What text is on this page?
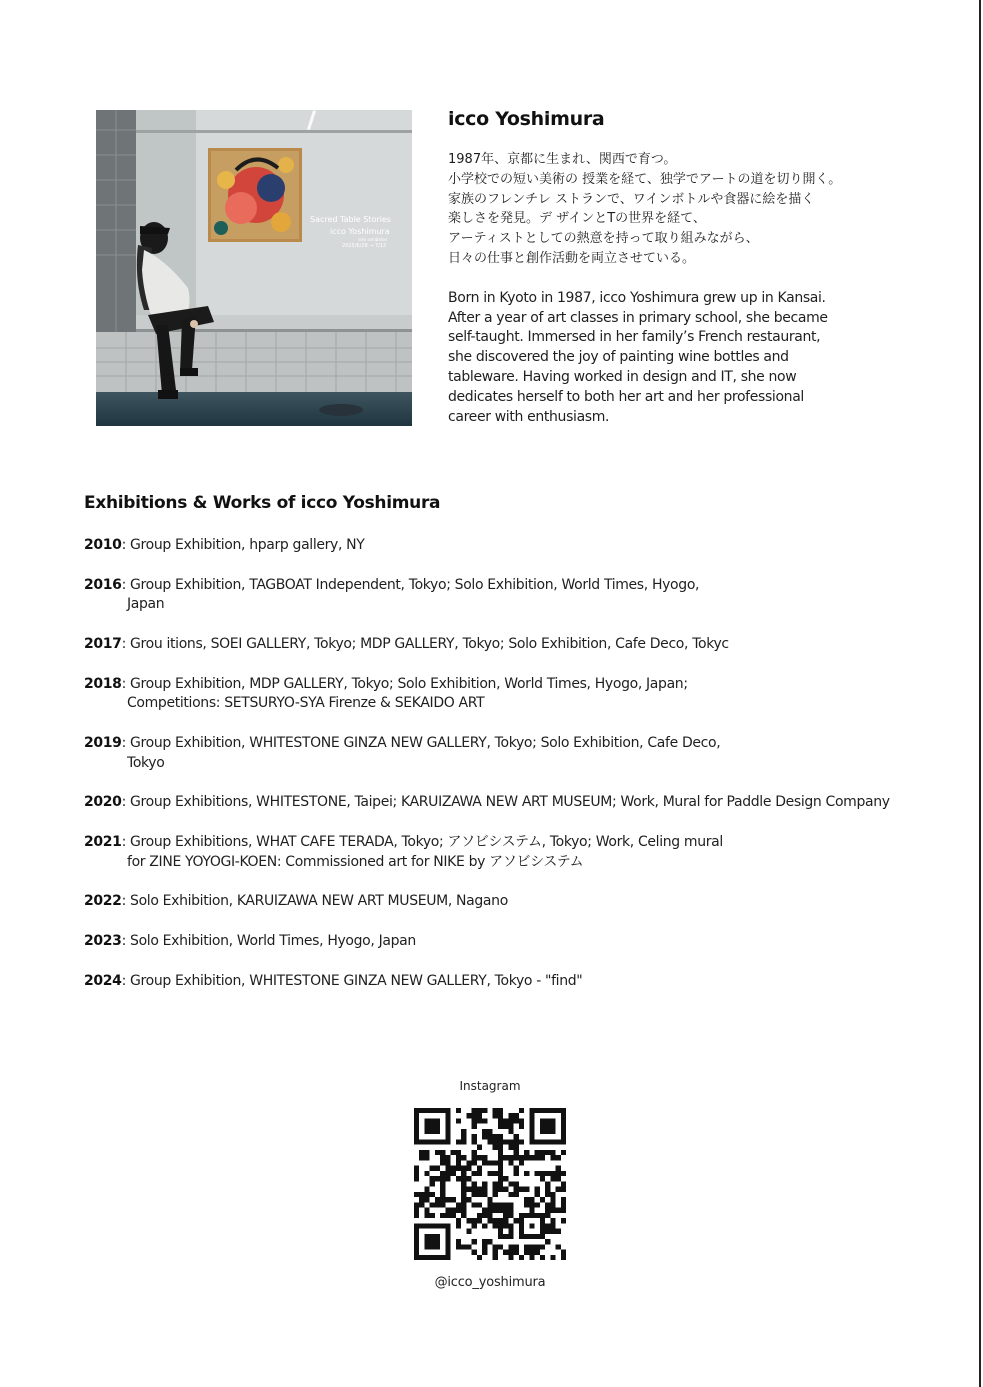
Sacred Table Stories
icco Yoshimura
solo exhibition
2025/6/28 → 7/12
icco Yoshimura
1987年、京都に生まれ、関西で育つ。
小学校での短い美術の 授業を経て、独学でアートの道を切り開く。
家族のフレンチレ ストランで、ワインボトルや食器に絵を描く
楽しさを発見。デ ザインとTの世界を経て、
アーティストとしての熱意を持って取り組みながら、
日々の仕事と創作活動を両立させている。
Born in Kyoto in 1987, icco Yoshimura grew up in Kansai.
After a year of art classes in primary school, she became
self-taught. Immersed in her family’s French restaurant,
she discovered the joy of painting wine bottles and
tableware. Having worked in design and IT, she now
dedicates herself to both her art and her professional
career with enthusiasm.
Exhibitions & Works of icco Yoshimura
2010: Group Exhibition, hparp gallery, NY
2016: Group Exhibition, TAGBOAT Independent, Tokyo; Solo Exhibition, World Times, Hyogo,
Japan
2017: Grou itions, SOEI GALLERY, Tokyo; MDP GALLERY, Tokyo; Solo Exhibition, Cafe Deco, Tokyc
2018: Group Exhibition, MDP GALLERY, Tokyo; Solo Exhibition, World Times, Hyogo, Japan;
Competitions: SETSURYO-SYA Firenze & SEKAIDO ART
2019: Group Exhibition, WHITESTONE GINZA NEW GALLERY, Tokyo; Solo Exhibition, Cafe Deco,
Tokyo
2020: Group Exhibitions, WHITESTONE, Taipei; KARUIZAWA NEW ART MUSEUM; Work, Mural for Paddle Design Company
2021: Group Exhibitions, WHAT CAFE TERADA, Tokyo; アソビシステム, Tokyo; Work, Celing mural
for ZINE YOYOGI-KOEN: Commissioned art for NIKE by アソビシステム
2022: Solo Exhibition, KARUIZAWA NEW ART MUSEUM, Nagano
2023: Solo Exhibition, World Times, Hyogo, Japan
2024: Group Exhibition, WHITESTONE GINZA NEW GALLERY, Tokyo - "find"
Instagram
@icco_yoshimura
